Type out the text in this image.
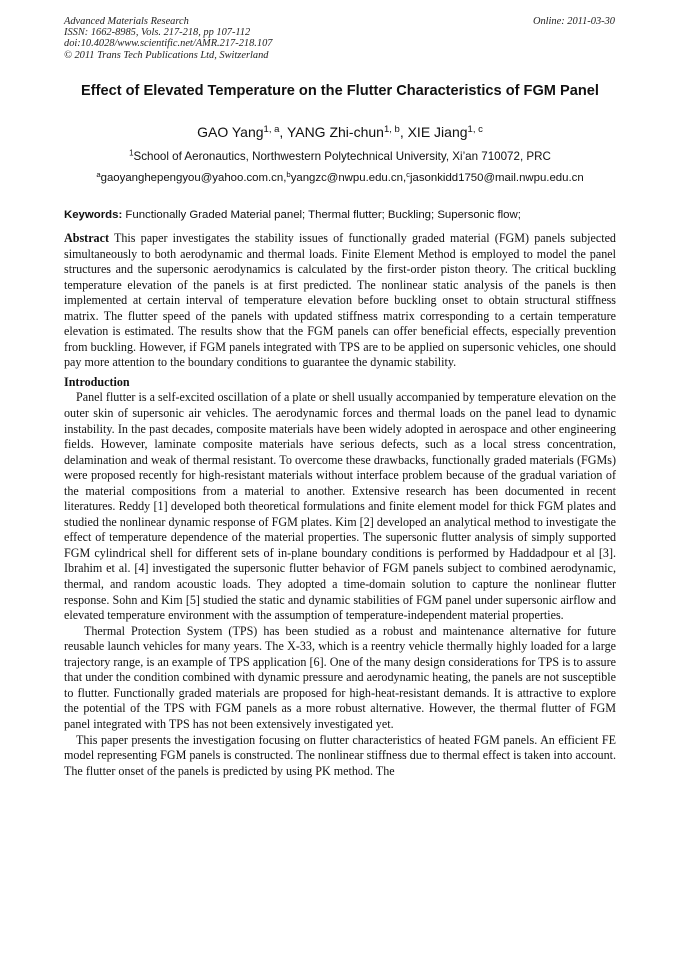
Advanced Materials Research
ISSN: 1662-8985, Vols. 217-218, pp 107-112
doi:10.4028/www.scientific.net/AMR.217-218.107
© 2011 Trans Tech Publications Ltd, Switzerland
Online: 2011-03-30
Effect of Elevated Temperature on the Flutter Characteristics of FGM Panel
GAO Yang$^{1, a}$, YANG Zhi-chun$^{1, b}$, XIE Jiang$^{1, c}$
$^1$School of Aeronautics, Northwestern Polytechnical University, Xi’an 710072, PRC
$^a$gaoyanghepengyou@yahoo.com.cn,$^b$yangzc@nwpu.edu.cn,$^c$jasonkidd1750@mail.nwpu.edu.cn
Keywords: Functionally Graded Material panel; Thermal flutter; Buckling; Supersonic flow;

Abstract This paper investigates the stability issues of functionally graded material (FGM) panels subjected simultaneously to both aerodynamic and thermal loads. Finite Element Method is employed to model the panel structures and the supersonic aerodynamics is calculated by the first-order piston theory. The critical buckling temperature elevation of the panels is at first predicted. The nonlinear static analysis of the panels is then implemented at certain interval of temperature elevation before buckling onset to obtain structural stiffness matrix. The flutter speed of the panels with updated stiffness matrix corresponding to a certain temperature elevation is estimated. The results show that the FGM panels can offer beneficial effects, especially prevention from buckling. However, if FGM panels integrated with TPS are to be applied on supersonic vehicles, one should pay more attention to the boundary conditions to guarantee the dynamic stability.

Introduction

Panel flutter is a self-excited oscillation of a plate or shell usually accompanied by temperature elevation on the outer skin of supersonic air vehicles. The aerodynamic forces and thermal loads on the panel lead to dynamic instability. In the past decades, composite materials have been widely adopted in aerospace and other engineering fields. However, laminate composite materials have serious defects, such as a local stress concentration, delamination and weak of thermal resistant. To overcome these drawbacks, functionally graded materials (FGMs) were proposed recently for high-resistant materials without interface problem because of the gradual variation of the material compositions from a material to another. Extensive research has been documented in recent literatures. Reddy [1] developed both theoretical formulations and finite element model for thick FGM plates and studied the nonlinear dynamic response of FGM plates. Kim [2] developed an analytical method to investigate the effect of temperature dependence of the material properties. The supersonic flutter analysis of simply supported FGM cylindrical shell for different sets of in-plane boundary conditions is performed by Haddadpour et al [3]. Ibrahim et al. [4] investigated the supersonic flutter behavior of FGM panels subject to combined aerodynamic, thermal, and random acoustic loads. They adopted a time-domain solution to capture the nonlinear flutter response. Sohn and Kim [5] studied the static and dynamic stabilities of FGM panel under supersonic airflow and elevated temperature environment with the assumption of temperature-independent material properties.

Thermal Protection System (TPS) has been studied as a robust and maintenance alternative for future reusable launch vehicles for many years. The X-33, which is a reentry vehicle thermally highly loaded for a large trajectory range, is an example of TPS application [6]. One of the many design considerations for TPS is to assure that under the condition combined with dynamic pressure and aerodynamic heating, the panels are not susceptible to flutter. Functionally graded materials are proposed for high-heat-resistant demands. It is attractive to explore the potential of the TPS with FGM panels as a more robust alternative. However, the thermal flutter of FGM panel integrated with TPS has not been extensively investigated yet.

This paper presents the investigation focusing on flutter characteristics of heated FGM panels. An efficient FE model representing FGM panels is constructed. The nonlinear stiffness due to thermal effect is taken into account. The flutter onset of the panels is predicted by using PK method. The
